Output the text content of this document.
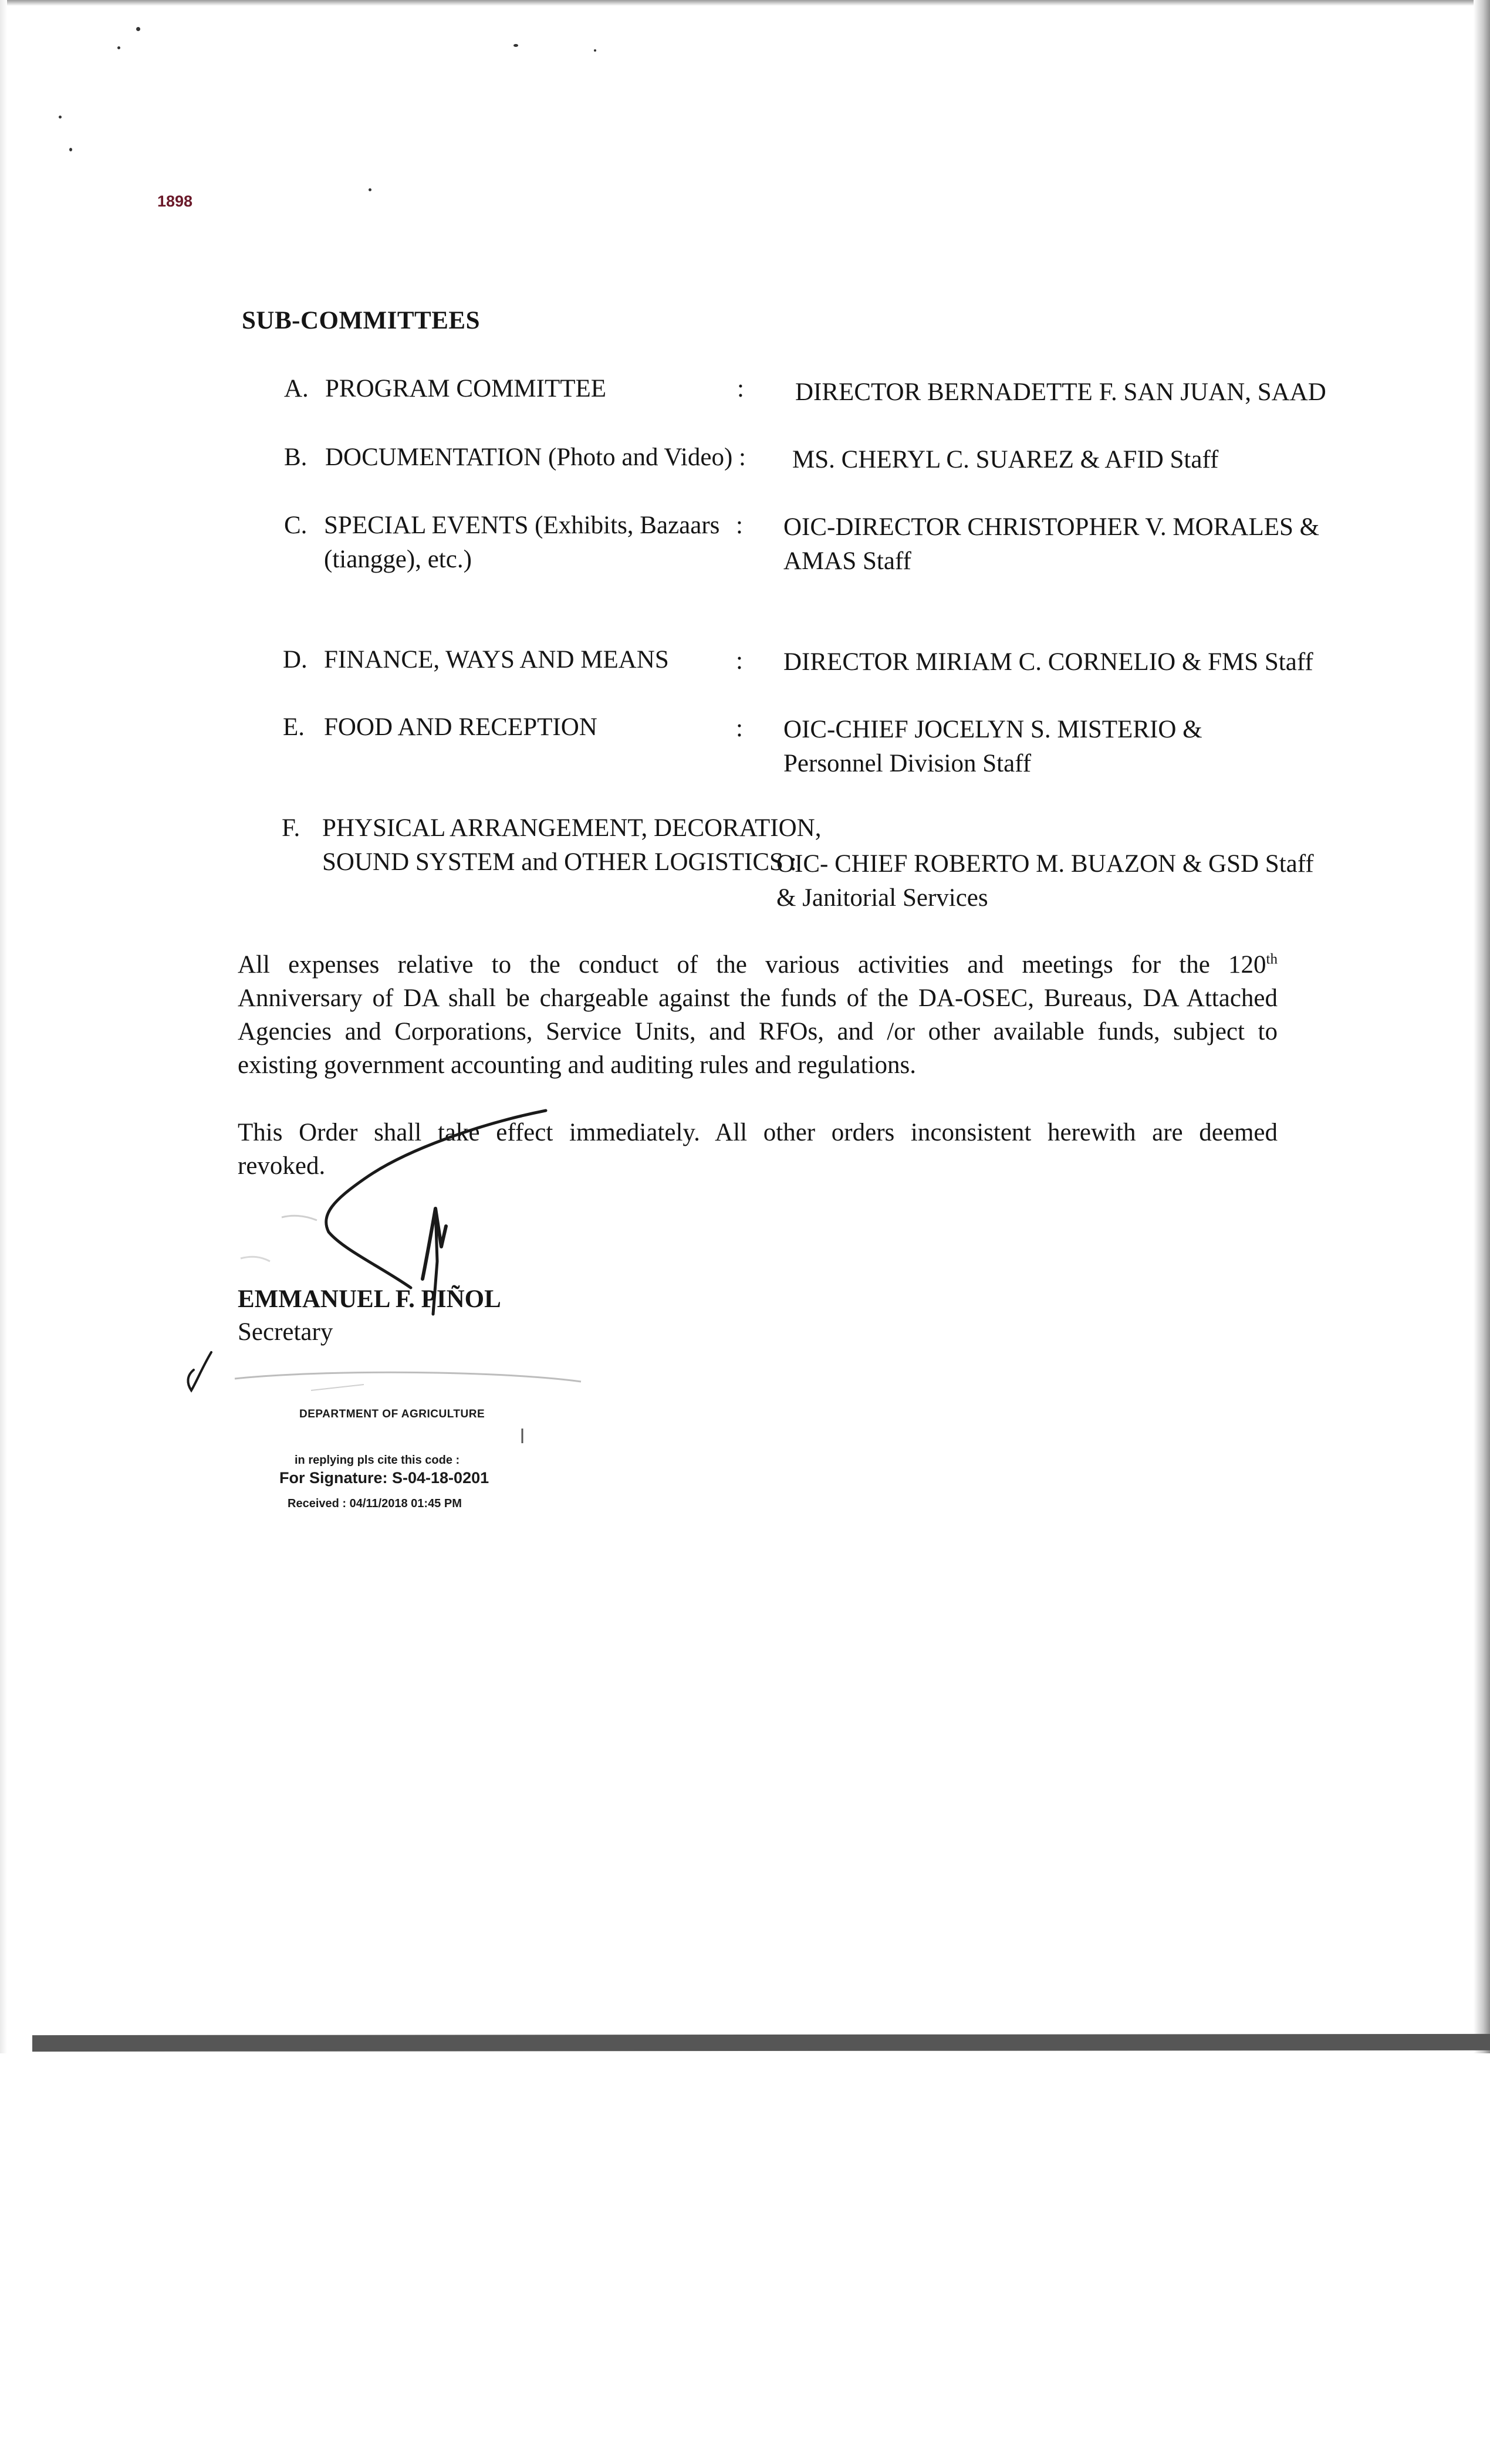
1898
SUB-COMMITTEES
A. PROGRAM COMMITTEE	: DIRECTOR BERNADETTE F. SAN JUAN, SAAD
B. DOCUMENTATION (Photo and Video) : MS. CHERYL C. SUAREZ & AFID Staff
C. SPECIAL EVENTS (Exhibits, Bazaars
(tiangge), etc.)
: OIC-DIRECTOR CHRISTOPHER V. MORALES &
AMAS Staff
D. FINANCE, WAYS AND MEANS	: DIRECTOR MIRIAM C. CORNELIO & FMS Staff
E. FOOD AND RECEPTION	: OIC-CHIEF JOCELYN S. MISTERIO &
Personnel Division Staff
F. PHYSICAL ARRANGEMENT, DECORATION,
SOUND SYSTEM and OTHER LOGISTICS :
OIC- CHIEF ROBERTO M. BUAZON & GSD Staff
& Janitorial Services
All expenses relative to the conduct of the various activities and meetings for the 120th
Anniversary of DA shall be chargeable against the funds of the DA-OSEC, Bureaus, DA Attached
Agencies and Corporations, Service Units, and RFOs, and /or other available funds, subject to
existing government accounting and auditing rules and regulations.
This Order shall take effect immediately. All other orders inconsistent herewith are deemed
revoked.
EMMANUEL F. PIÑOL
Secretary
DEPARTMENT OF AGRICULTURE
in replying pls cite this code :
For Signature: S-04-18-0201
Received : 04/11/2018 01:45 PM
